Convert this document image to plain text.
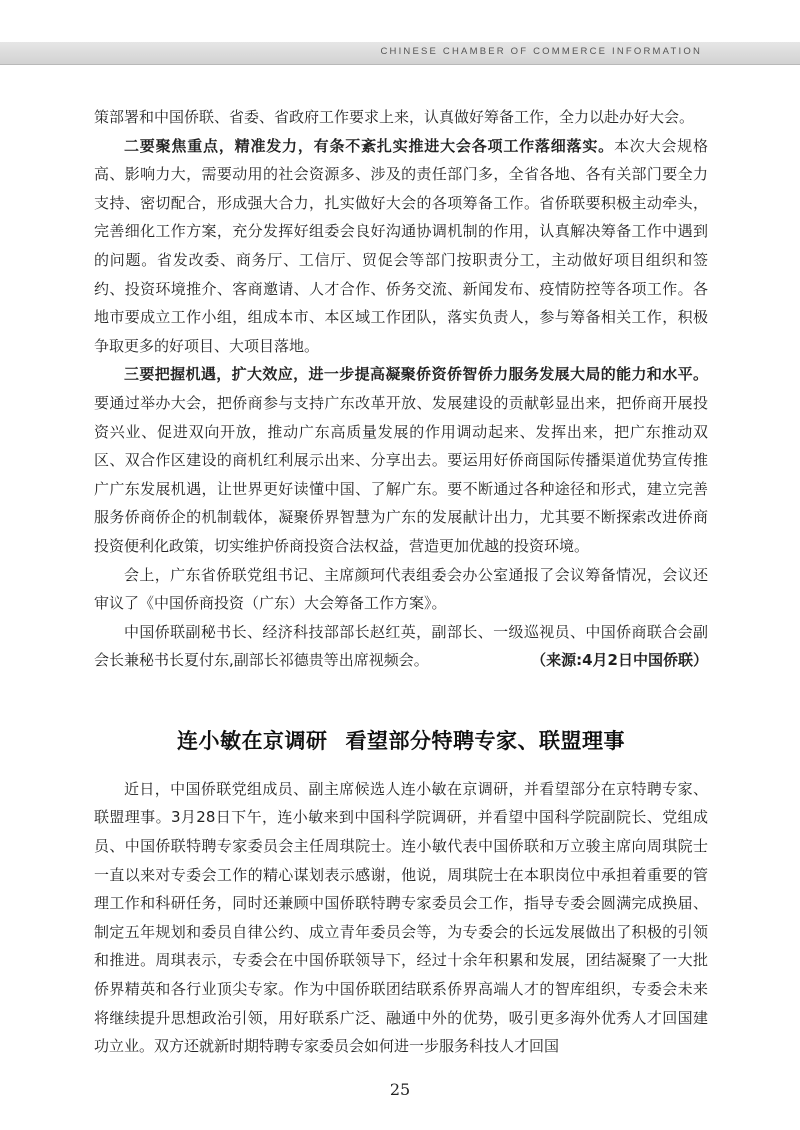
CHINESE CHAMBER OF COMMERCE INFORMATION

策部署和中国侨联、省委、省政府工作要求上来，认真做好筹备工作，全力以赴办好大会。

二要聚焦重点，精准发力，有条不紊扎实推进大会各项工作落细落实。本次大会规格高、影响力大，需要动用的社会资源多、涉及的责任部门多，全省各地、各有关部门要全力支持、密切配合，形成强大合力，扎实做好大会的各项筹备工作。省侨联要积极主动牵头，完善细化工作方案，充分发挥好组委会良好沟通协调机制的作用，认真解决筹备工作中遇到的问题。省发改委、商务厅、工信厅、贸促会等部门按职责分工，主动做好项目组织和签约、投资环境推介、客商邀请、人才合作、侨务交流、新闻发布、疫情防控等各项工作。各地市要成立工作小组，组成本市、本区域工作团队，落实负责人，参与筹备相关工作，积极争取更多的好项目、大项目落地。

三要把握机遇，扩大效应，进一步提高凝聚侨资侨智侨力服务发展大局的能力和水平。要通过举办大会，把侨商参与支持广东改革开放、发展建设的贡献彰显出来，把侨商开展投资兴业、促进双向开放，推动广东高质量发展的作用调动起来、发挥出来，把广东推动双区、双合作区建设的商机红利展示出来、分享出去。要运用好侨商国际传播渠道优势宣传推广广东发展机遇，让世界更好读懂中国、了解广东。要不断通过各种途径和形式，建立完善服务侨商侨企的机制载体，凝聚侨界智慧为广东的发展献计出力，尤其要不断探索改进侨商投资便利化政策，切实维护侨商投资合法权益，营造更加优越的投资环境。

会上，广东省侨联党组书记、主席颜珂代表组委会办公室通报了会议筹备情况，会议还审议了《中国侨商投资（广东）大会筹备工作方案》。

中国侨联副秘书长、经济科技部部长赵红英，副部长、一级巡视员、中国侨商联合会副会长兼秘书长夏付东,副部长祁德贵等出席视频会。	（来源:4月2日中国侨联）

连小敏在京调研 看望部分特聘专家、联盟理事

近日，中国侨联党组成员、副主席候选人连小敏在京调研，并看望部分在京特聘专家、联盟理事。3月28日下午，连小敏来到中国科学院调研，并看望中国科学院副院长、党组成员、中国侨联特聘专家委员会主任周琪院士。连小敏代表中国侨联和万立骏主席向周琪院士一直以来对专委会工作的精心谋划表示感谢，他说，周琪院士在本职岗位中承担着重要的管理工作和科研任务，同时还兼顾中国侨联特聘专家委员会工作，指导专委会圆满完成换届、制定五年规划和委员自律公约、成立青年委员会等，为专委会的长远发展做出了积极的引领和推进。周琪表示，专委会在中国侨联领导下，经过十余年积累和发展，团结凝聚了一大批侨界精英和各行业顶尖专家。作为中国侨联团结联系侨界高端人才的智库组织，专委会未来将继续提升思想政治引领，用好联系广泛、融通中外的优势，吸引更多海外优秀人才回国建功立业。双方还就新时期特聘专家委员会如何进一步服务科技人才回国

25
